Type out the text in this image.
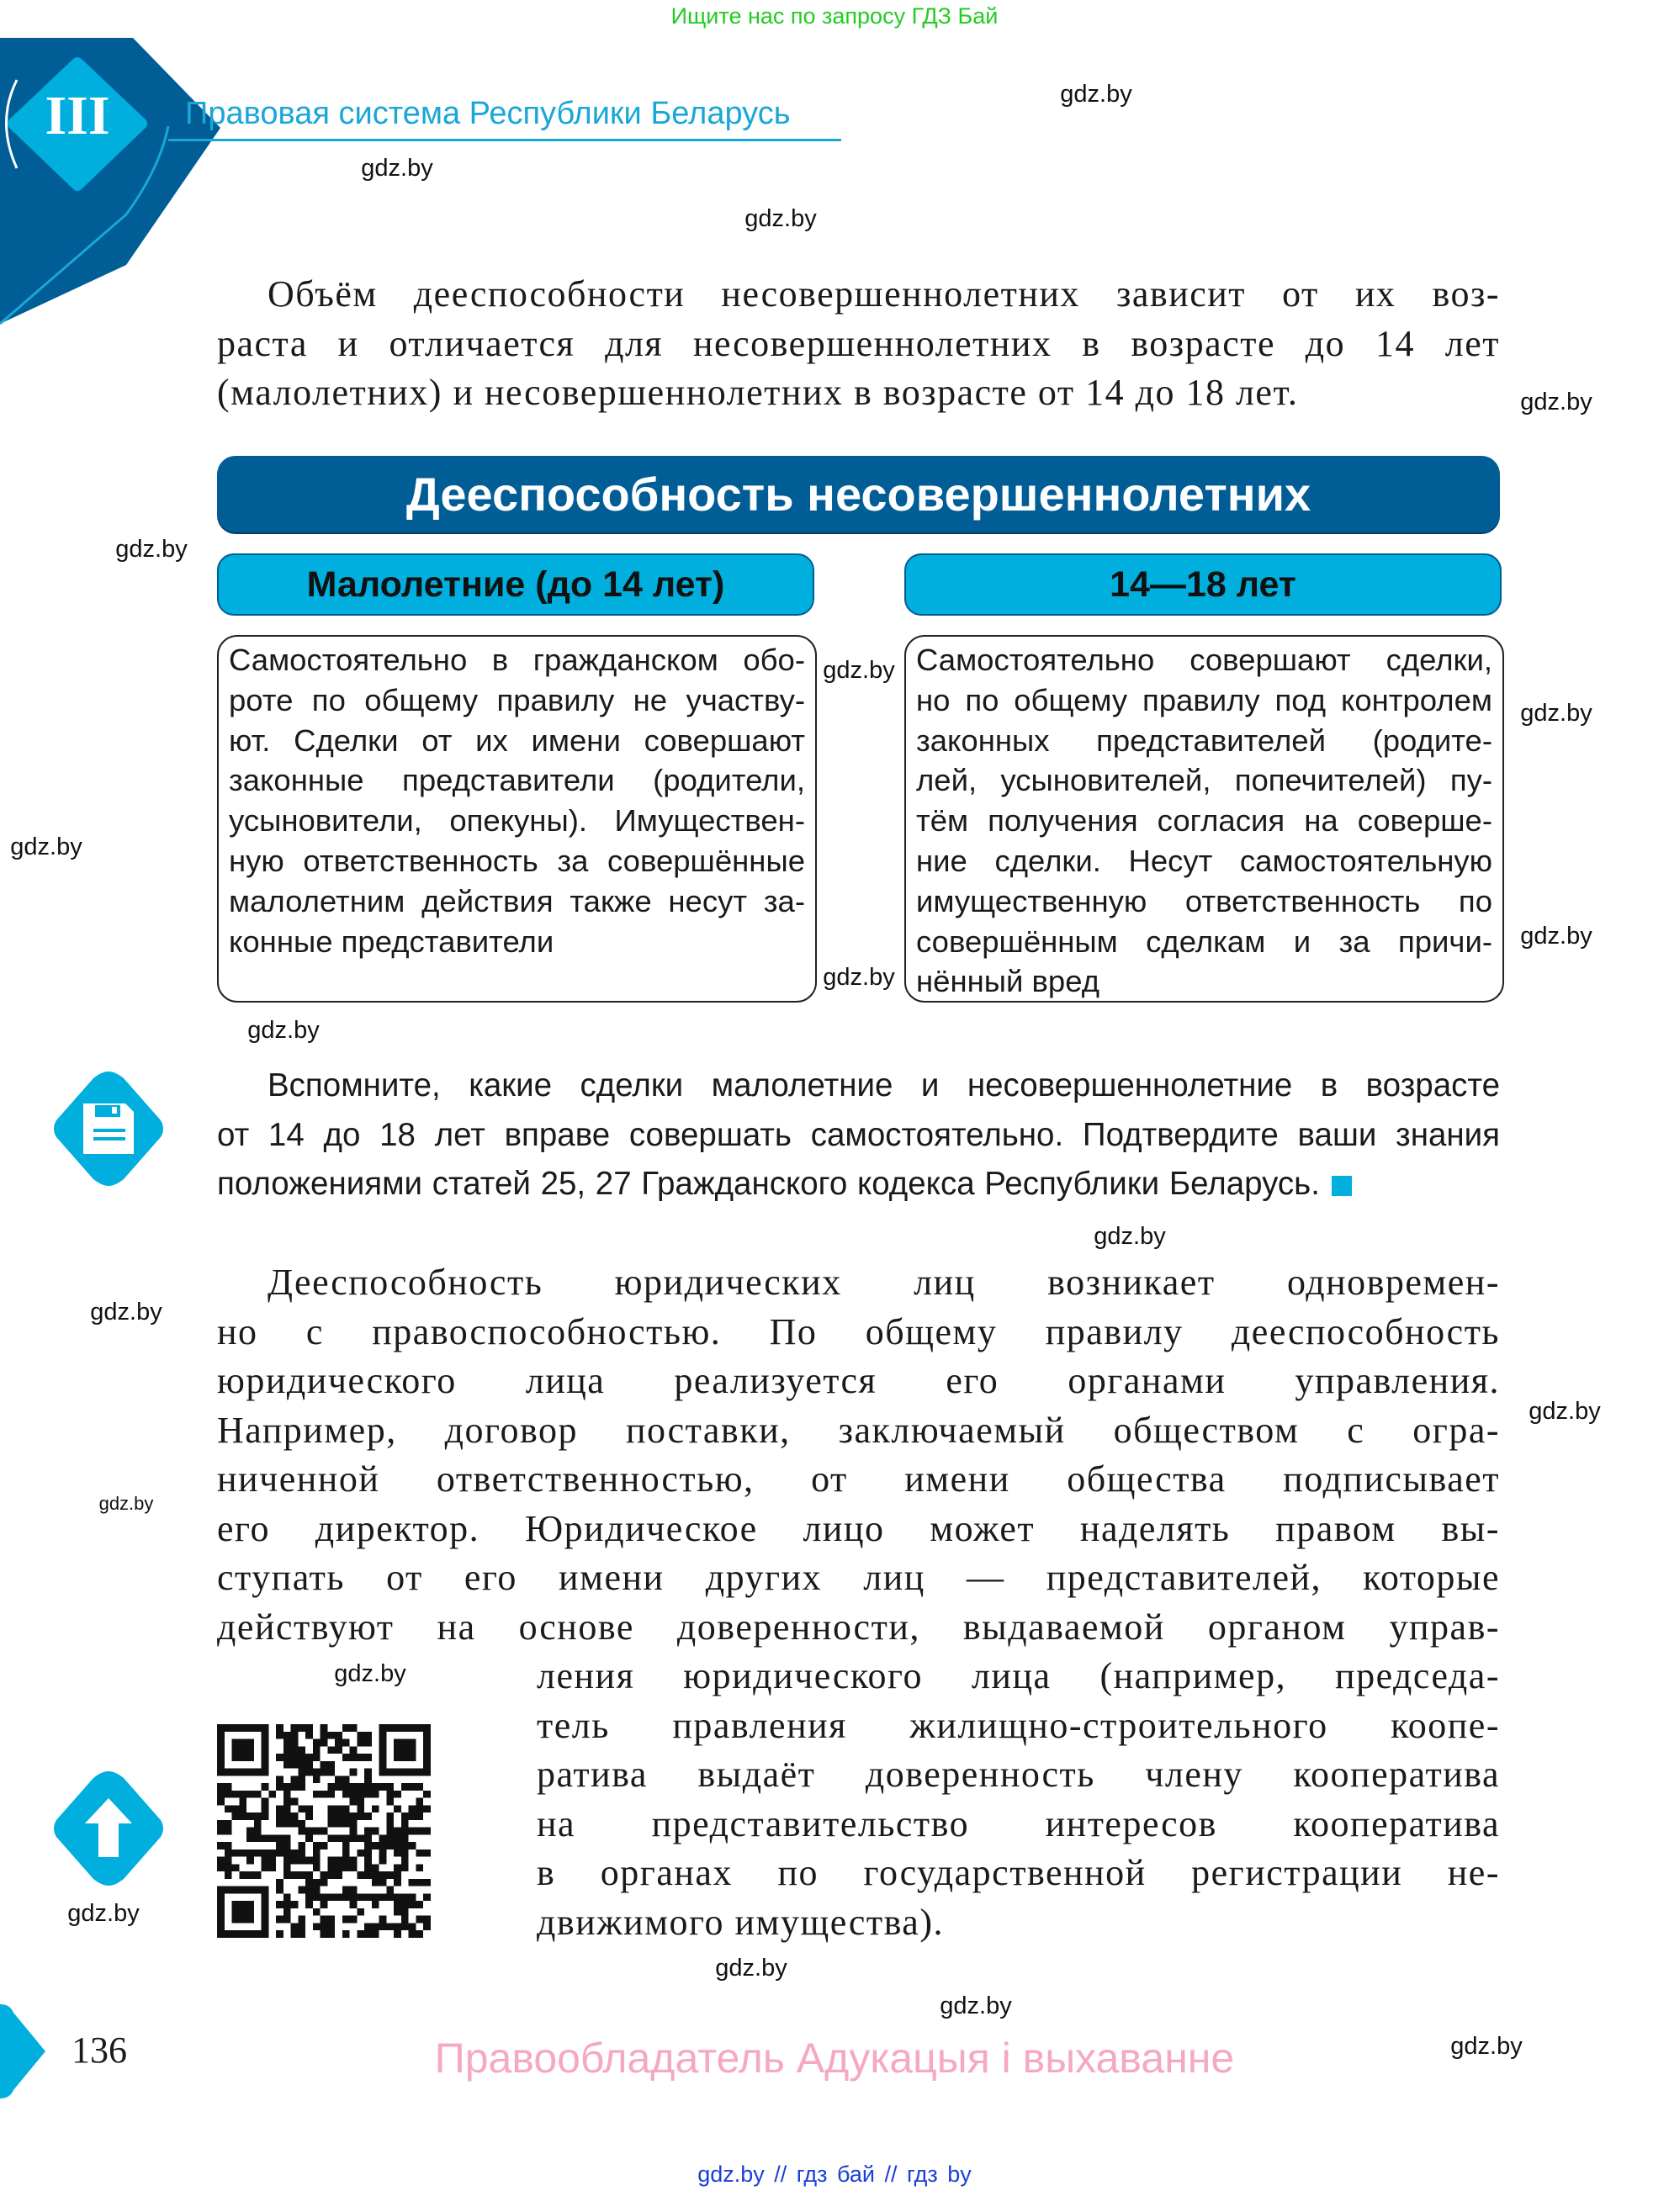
Ищите нас по запросу ГДЗ Бай
III	Правовая система Республики Беларусь
Объём дееспособности несовершеннолетних зависит от их воз-
раста и отличается для несовершеннолетних в возрасте до 14 лет
(малолетних) и несовершеннолетних в возрасте от 14 до 18 лет.
Дееспособность несовершеннолетних
Малолетние (до 14 лет)	14—18 лет
Самостоятельно в гражданском обо-
роте по общему правилу не участву-
ют. Сделки от их имени совершают
законные представители (родители,
усыновители, опекуны). Имуществен-
ную ответственность за совершённые
малолетним действия также несут за-
конные представители
Самостоятельно совершают сделки,
но по общему правилу под контролем
законных представителей (родите-
лей, усыновителей, попечителей) пу-
тём получения согласия на соверше-
ние сделки. Несут самостоятельную
имущественную ответственность по
совершённым сделкам и за причи-
нённый вред
Вспомните, какие сделки малолетние и несовершеннолетние в возрасте
от 14 до 18 лет вправе совершать самостоятельно. Подтвердите ваши знания
положениями статей 25, 27 Гражданского кодекса Республики Беларусь.
Дееспособность юридических лиц возникает одновремен-
но с правоспособностью. По общему правилу дееспособность
юридического лица реализуется его органами управления.
Например, договор поставки, заключаемый обществом с огра-
ниченной ответственностью, от имени общества подписывает
его директор. Юридическое лицо может наделять правом вы-
ступать от его имени других лиц — представителей, которые
действуют на основе доверенности, выдаваемой органом управ-
ления юридического лица (например, председа-
тель правления жилищно-строительного коопе-
ратива выдаёт доверенность члену кооператива
на представительство интересов кооператива
в органах по государственной регистрации не-
движимого имущества).
136	Правообладатель Адукацыя і выхаванне
gdz.by // гдз бай // гдз by
gdz.by
gdz.by
gdz.by
gdz.by
gdz.by
gdz.by
gdz.by
gdz.by
gdz.by
gdz.by
gdz.by
gdz.by
gdz.by
gdz.by
gdz.by
gdz.by
gdz.by
gdz.by
gdz.by
gdz.by
